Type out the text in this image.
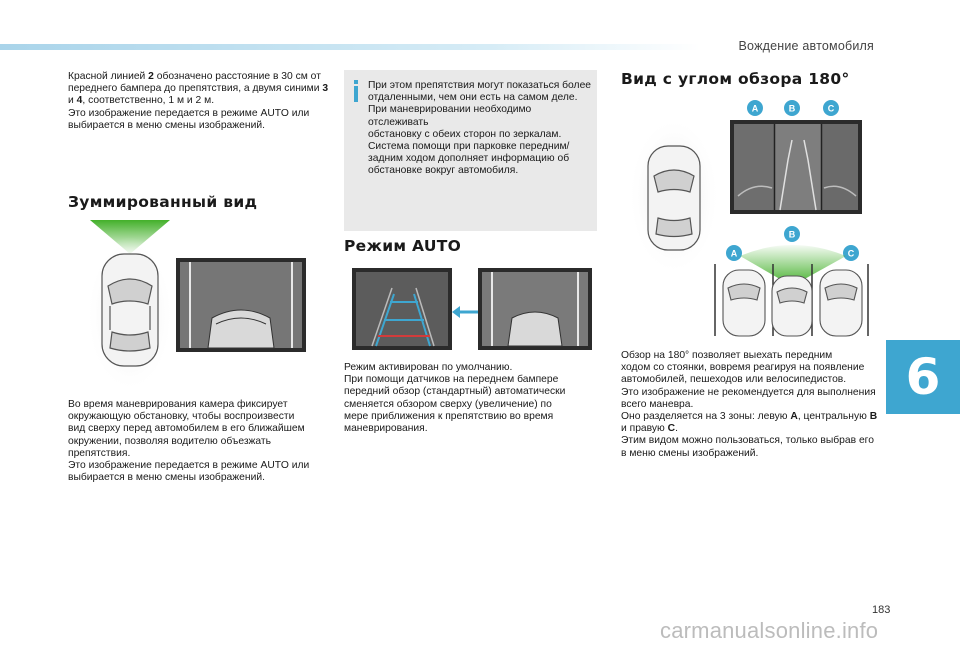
Вождение автомобиля
Красной линией 2 обозначено расстояние в 30 см от
переднего бампера до препятствия, а двумя синими 3
и 4, соответственно, 1 м и 2 м.
Это изображение передается в режиме AUTO или
выбирается в меню смены изображений.
Зуммированный вид
Во время маневрирования камера фиксирует
окружающую обстановку, чтобы воспроизвести
вид сверху перед автомобилем в его ближайшем
окружении, позволяя водителю объезжать
препятствия.
Это изображение передается в режиме AUTO или
выбирается в меню смены изображений.
При этом препятствия могут показаться более
отдаленными, чем они есть на самом деле.
При маневрировании необходимо отслеживать
обстановку с обеих сторон по зеркалам.
Система помощи при парковке передним/
задним ходом дополняет информацию об
обстановке вокруг автомобиля.
Режим AUTO
Режим активирован по умолчанию.
При помощи датчиков на переднем бампере
передний обзор (стандартный) автоматически
сменяется обзором сверху (увеличение) по
мере приближения к препятствию во время
маневрирования.
Вид с углом обзора 180°
A	B	C
B
A	C
Обзор на 180° позволяет выехать передним
ходом со стоянки, вовремя реагируя на появление
автомобилей, пешеходов или велосипедистов.
Это изображение не рекомендуется для выполнения
всего маневра.
Оно разделяется на 3 зоны: левую A, центральную B
и правую C.
Этим видом можно пользоваться, только выбрав его
в меню смены изображений.
6
183
carmanualsonline.info
